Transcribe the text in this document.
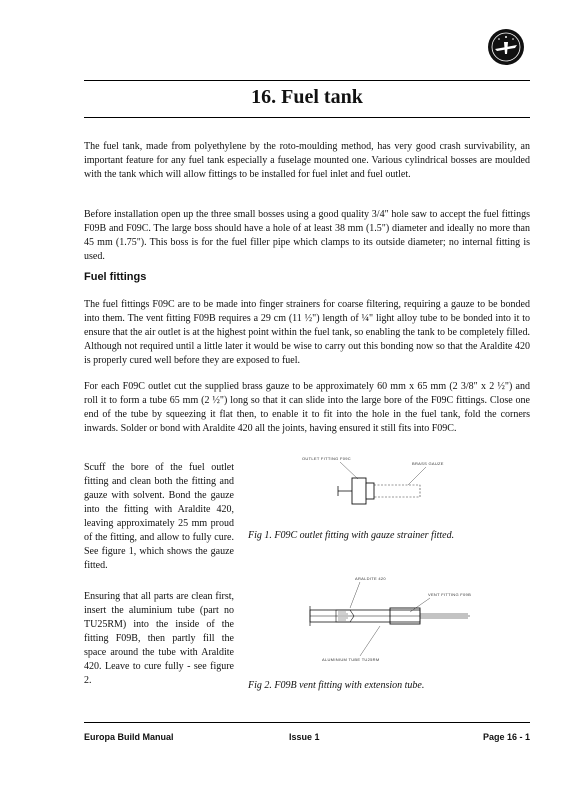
16. Fuel tank

The fuel tank, made from polyethylene by the roto-moulding method, has very good crash survivability, an important feature for any fuel tank especially a fuselage mounted one. Various cylindrical bosses are moulded with the tank which will allow fittings to be installed for fuel inlet and fuel outlet.

Before installation open up the three small bosses using a good quality 3/4" hole saw to accept the fuel fittings F09B and F09C. The large boss should have a hole of at least 38 mm (1.5") diameter and ideally no more than 45 mm (1.75"). This boss is for the fuel filler pipe which clamps to its outside diameter; no internal fitting is used.

Fuel fittings

The fuel fittings F09C are to be made into finger strainers for coarse filtering, requiring a gauze to be bonded into them. The vent fitting F09B requires a 29 cm (11 ½") length of ¼" light alloy tube to be bonded into it to ensure that the air outlet is at the highest point within the fuel tank, so enabling the tank to be completely filled. Although not required until a little later it would be wise to carry out this bonding now so that the Araldite 420 is properly cured well before they are exposed to fuel.

For each F09C outlet cut the supplied brass gauze to be approximately 60 mm x 65 mm (2 3/8" x 2 ½") and roll it to form a tube 65 mm (2 ½") long so that it can slide into the large bore of the F09C fittings. Close one end of the tube by squeezing it flat then, to enable it to fit into the hole in the fuel tank, fold the corners inwards. Solder or bond with Araldite 420 all the joints, having ensured it still fits into F09C.

Scuff the bore of the fuel outlet fitting and clean both the fitting and gauze with solvent. Bond the gauze into the fitting with Araldite 420, leaving approximately 25 mm proud of the fitting, and allow to fully cure. See figure 1, which shows the gauze fitted.

Ensuring that all parts are clean first, insert the aluminium tube (part no TU25RM) into the inside of the fitting F09B, then partly fill the space around the tube with Araldite 420. Leave to cure fully - see figure 2.

OUTLET FITTING F09C
BRASS GAUZE

Fig 1. F09C outlet fitting with gauze strainer fitted.

ARALDITE 420
VENT FITTING F09B
ALUMINIUM TUBE TU25RM

Fig 2. F09B vent fitting with extension tube.

Europa Build Manual	Issue 1	Page 16 - 1
